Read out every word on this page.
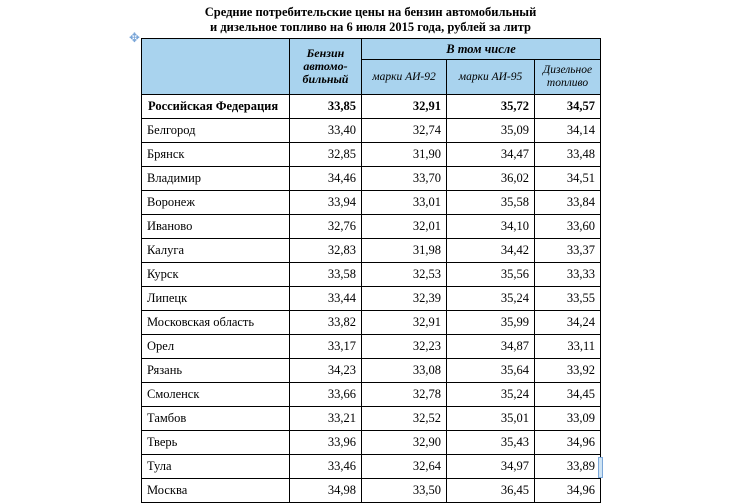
✥
Средние потребительские цены на бензин автомобильный
и дизельное топливо на 6 июля 2015 года, рублей за литр
	Бензин автомо-бильный	В том числе		
		марки АИ-92	марки АИ-95	Дизельное топливо
Российская Федерация	33,85	32,91	35,72	34,57
Белгород	33,40	32,74	35,09	34,14
Брянск	32,85	31,90	34,47	33,48
Владимир	34,46	33,70	36,02	34,51
Воронеж	33,94	33,01	35,58	33,84
Иваново	32,76	32,01	34,10	33,60
Калуга	32,83	31,98	34,42	33,37
Курск	33,58	32,53	35,56	33,33
Липецк	33,44	32,39	35,24	33,55
Московская область	33,82	32,91	35,99	34,24
Орел	33,17	32,23	34,87	33,11
Рязань	34,23	33,08	35,64	33,92
Смоленск	33,66	32,78	35,24	34,45
Тамбов	33,21	32,52	35,01	33,09
Тверь	33,96	32,90	35,43	34,96
Тула	33,46	32,64	34,97	33,89
Москва	34,98	33,50	36,45	34,96
